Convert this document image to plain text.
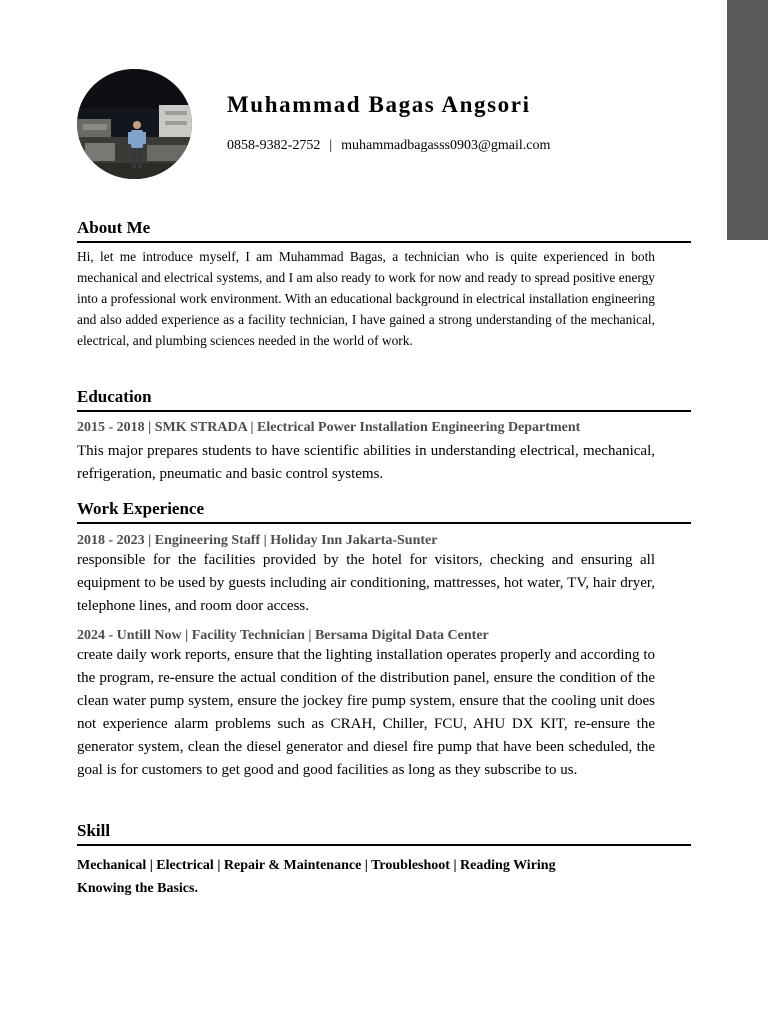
Muhammad Bagas Angsori
0858-9382-2752 | muhammadbagasss0903@gmail.com
About Me

Hi, let me introduce myself, I am Muhammad Bagas, a technician who is quite experienced in both mechanical and electrical systems, and I am also ready to work for now and ready to spread positive energy into a professional work environment. With an educational background in electrical installation engineering and also added experience as a facility technician, I have gained a strong understanding of the mechanical, electrical, and plumbing sciences needed in the world of work.

Education

2015 - 2018 | SMK STRADA | Electrical Power Installation Engineering Department

This major prepares students to have scientific abilities in understanding electrical, mechanical, refrigeration, pneumatic and basic control systems.

Work Experience

2018 - 2023 | Engineering Staff | Holiday Inn Jakarta-Sunter

responsible for the facilities provided by the hotel for visitors, checking and ensuring all equipment to be used by guests including air conditioning, mattresses, hot water, TV, hair dryer, telephone lines, and room door access.

2024 - Untill Now | Facility Technician | Bersama Digital Data Center

create daily work reports, ensure that the lighting installation operates properly and according to the program, re-ensure the actual condition of the distribution panel, ensure the condition of the clean water pump system, ensure the jockey fire pump system, ensure that the cooling unit does not experience alarm problems such as CRAH, Chiller, FCU, AHU DX KIT, re-ensure the generator system, clean the diesel generator and diesel fire pump that have been scheduled, the goal is for customers to get good and good facilities as long as they subscribe to us.

Skill

Mechanical | Electrical | Repair & Maintenance | Troubleshoot | Reading Wiring

Knowing the Basics.
